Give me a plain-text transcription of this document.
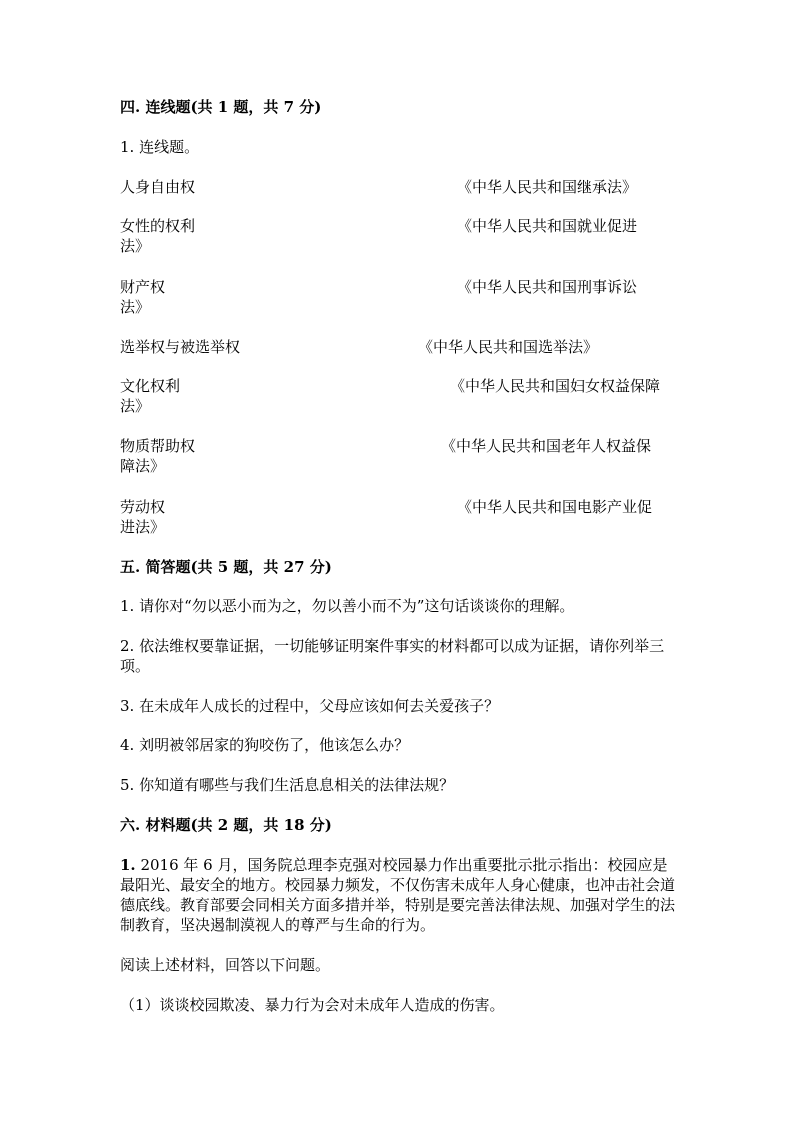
四. 连线题(共 1 题，共 7 分)
1. 连线题。
人身自由权	《中华人民共和国继承法》
女性的权利	《中华人民共和国就业促进
法》
财产权	《中华人民共和国刑事诉讼
法》
选举权与被选举权	《中华人民共和国选举法》
文化权利	《中华人民共和国妇女权益保障
法》
物质帮助权	《中华人民共和国老年人权益保
障法》
劳动权	《中华人民共和国电影产业促
进法》
五. 简答题(共 5 题，共 27 分)
1. 请你对“勿以恶小而为之，勿以善小而不为”这句话谈谈你的理解。
2. 依法维权要靠证据，一切能够证明案件事实的材料都可以成为证据，请你列举三项。
3. 在未成年人成长的过程中，父母应该如何去关爱孩子？
4. 刘明被邻居家的狗咬伤了，他该怎么办？
5. 你知道有哪些与我们生活息息相关的法律法规？
六. 材料题(共 2 题，共 18 分)
1. 2016 年 6 月，国务院总理李克强对校园暴力作出重要批示批示指出：校园应是最阳光、最安全的地方。校园暴力频发，不仅伤害未成年人身心健康，也冲击社会道德底线。教育部要会同相关方面多措并举，特别是要完善法律法规、加强对学生的法制教育，坚决遏制漠视人的尊严与生命的行为。
阅读上述材料，回答以下问题。
（1）谈谈校园欺凌、暴力行为会对未成年人造成的伤害。
